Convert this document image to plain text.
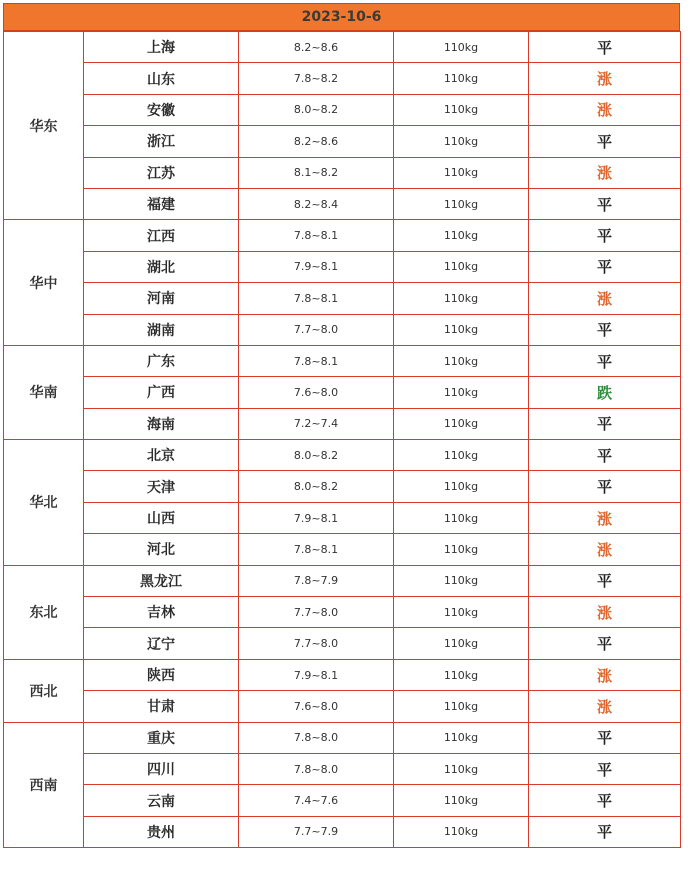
2023-10-6
华东	上海	8.2~8.6	110kg	平
	山东	7.8~8.2	110kg	涨
	安徽	8.0~8.2	110kg	涨
	浙江	8.2~8.6	110kg	平
	江苏	8.1~8.2	110kg	涨
	福建	8.2~8.4	110kg	平
华中	江西	7.8~8.1	110kg	平
	湖北	7.9~8.1	110kg	平
	河南	7.8~8.1	110kg	涨
	湖南	7.7~8.0	110kg	平
华南	广东	7.8~8.1	110kg	平
	广西	7.6~8.0	110kg	跌
	海南	7.2~7.4	110kg	平
华北	北京	8.0~8.2	110kg	平
	天津	8.0~8.2	110kg	平
	山西	7.9~8.1	110kg	涨
	河北	7.8~8.1	110kg	涨
东北	黑龙江	7.8~7.9	110kg	平
	吉林	7.7~8.0	110kg	涨
	辽宁	7.7~8.0	110kg	平
西北	陕西	7.9~8.1	110kg	涨
	甘肃	7.6~8.0	110kg	涨
西南	重庆	7.8~8.0	110kg	平
	四川	7.8~8.0	110kg	平
	云南	7.4~7.6	110kg	平
	贵州	7.7~7.9	110kg	平
